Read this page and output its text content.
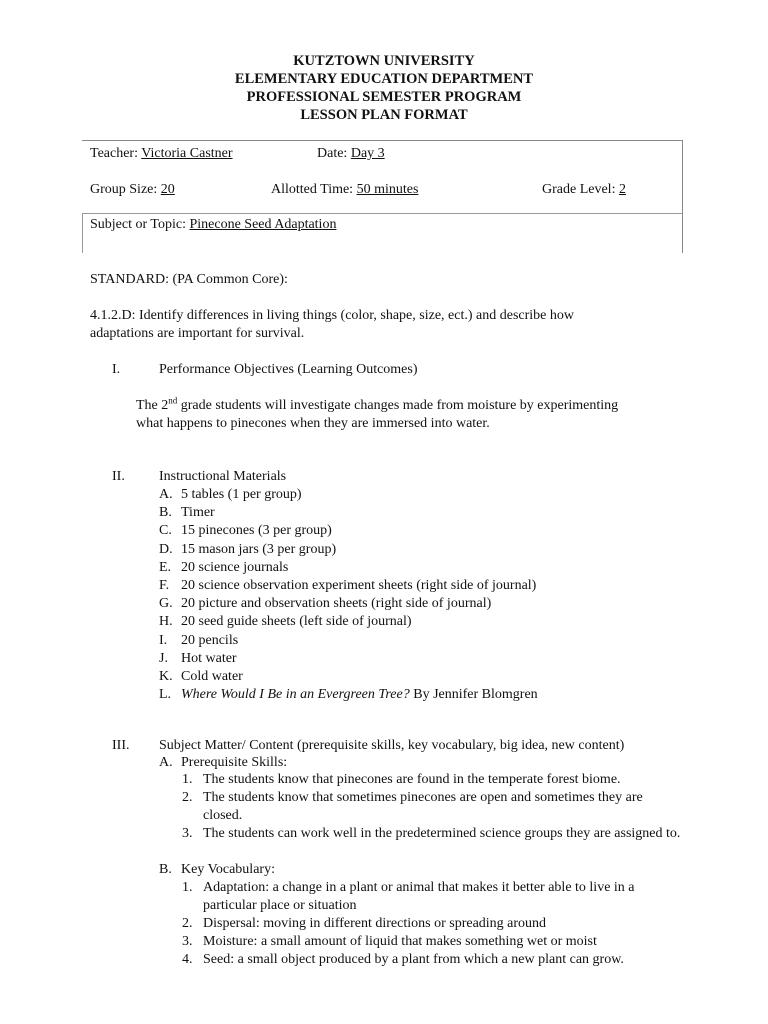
KUTZTOWN UNIVERSITY
ELEMENTARY EDUCATION DEPARTMENT
PROFESSIONAL SEMESTER PROGRAM
LESSON PLAN FORMAT
Teacher: Victoria Castner	Date: Day 3
Group Size: 20	Allotted Time: 50 minutes	Grade Level: 2
Subject or Topic: Pinecone Seed Adaptation
STANDARD: (PA Common Core):
4.1.2.D: Identify differences in living things (color, shape, size, ect.) and describe how
adaptations are important for survival.
I.	Performance Objectives (Learning Outcomes)
The 2nd grade students will investigate changes made from moisture by experimenting
what happens to pinecones when they are immersed into water.
II. Instructional Materials
A. 5 tables (1 per group)
B. Timer
C. 15 pinecones (3 per group)
D. 15 mason jars (3 per group)
E. 20 science journals
F. 20 science observation experiment sheets (right side of journal)
G. 20 picture and observation sheets (right side of journal)
H. 20 seed guide sheets (left side of journal)
I. 20 pencils
J. Hot water
K. Cold water
L. Where Would I Be in an Evergreen Tree? By Jennifer Blomgren
III. Subject Matter/ Content (prerequisite skills, key vocabulary, big idea, new content)
A. Prerequisite Skills:
1. The students know that pinecones are found in the temperate forest biome.
2. The students know that sometimes pinecones are open and sometimes they are closed.
3. The students can work well in the predetermined science groups they are assigned to.
B. Key Vocabulary:
1. Adaptation: a change in a plant or animal that makes it better able to live in a particular place or situation
2. Dispersal: moving in different directions or spreading around
3. Moisture: a small amount of liquid that makes something wet or moist
4. Seed: a small object produced by a plant from which a new plant can grow.
